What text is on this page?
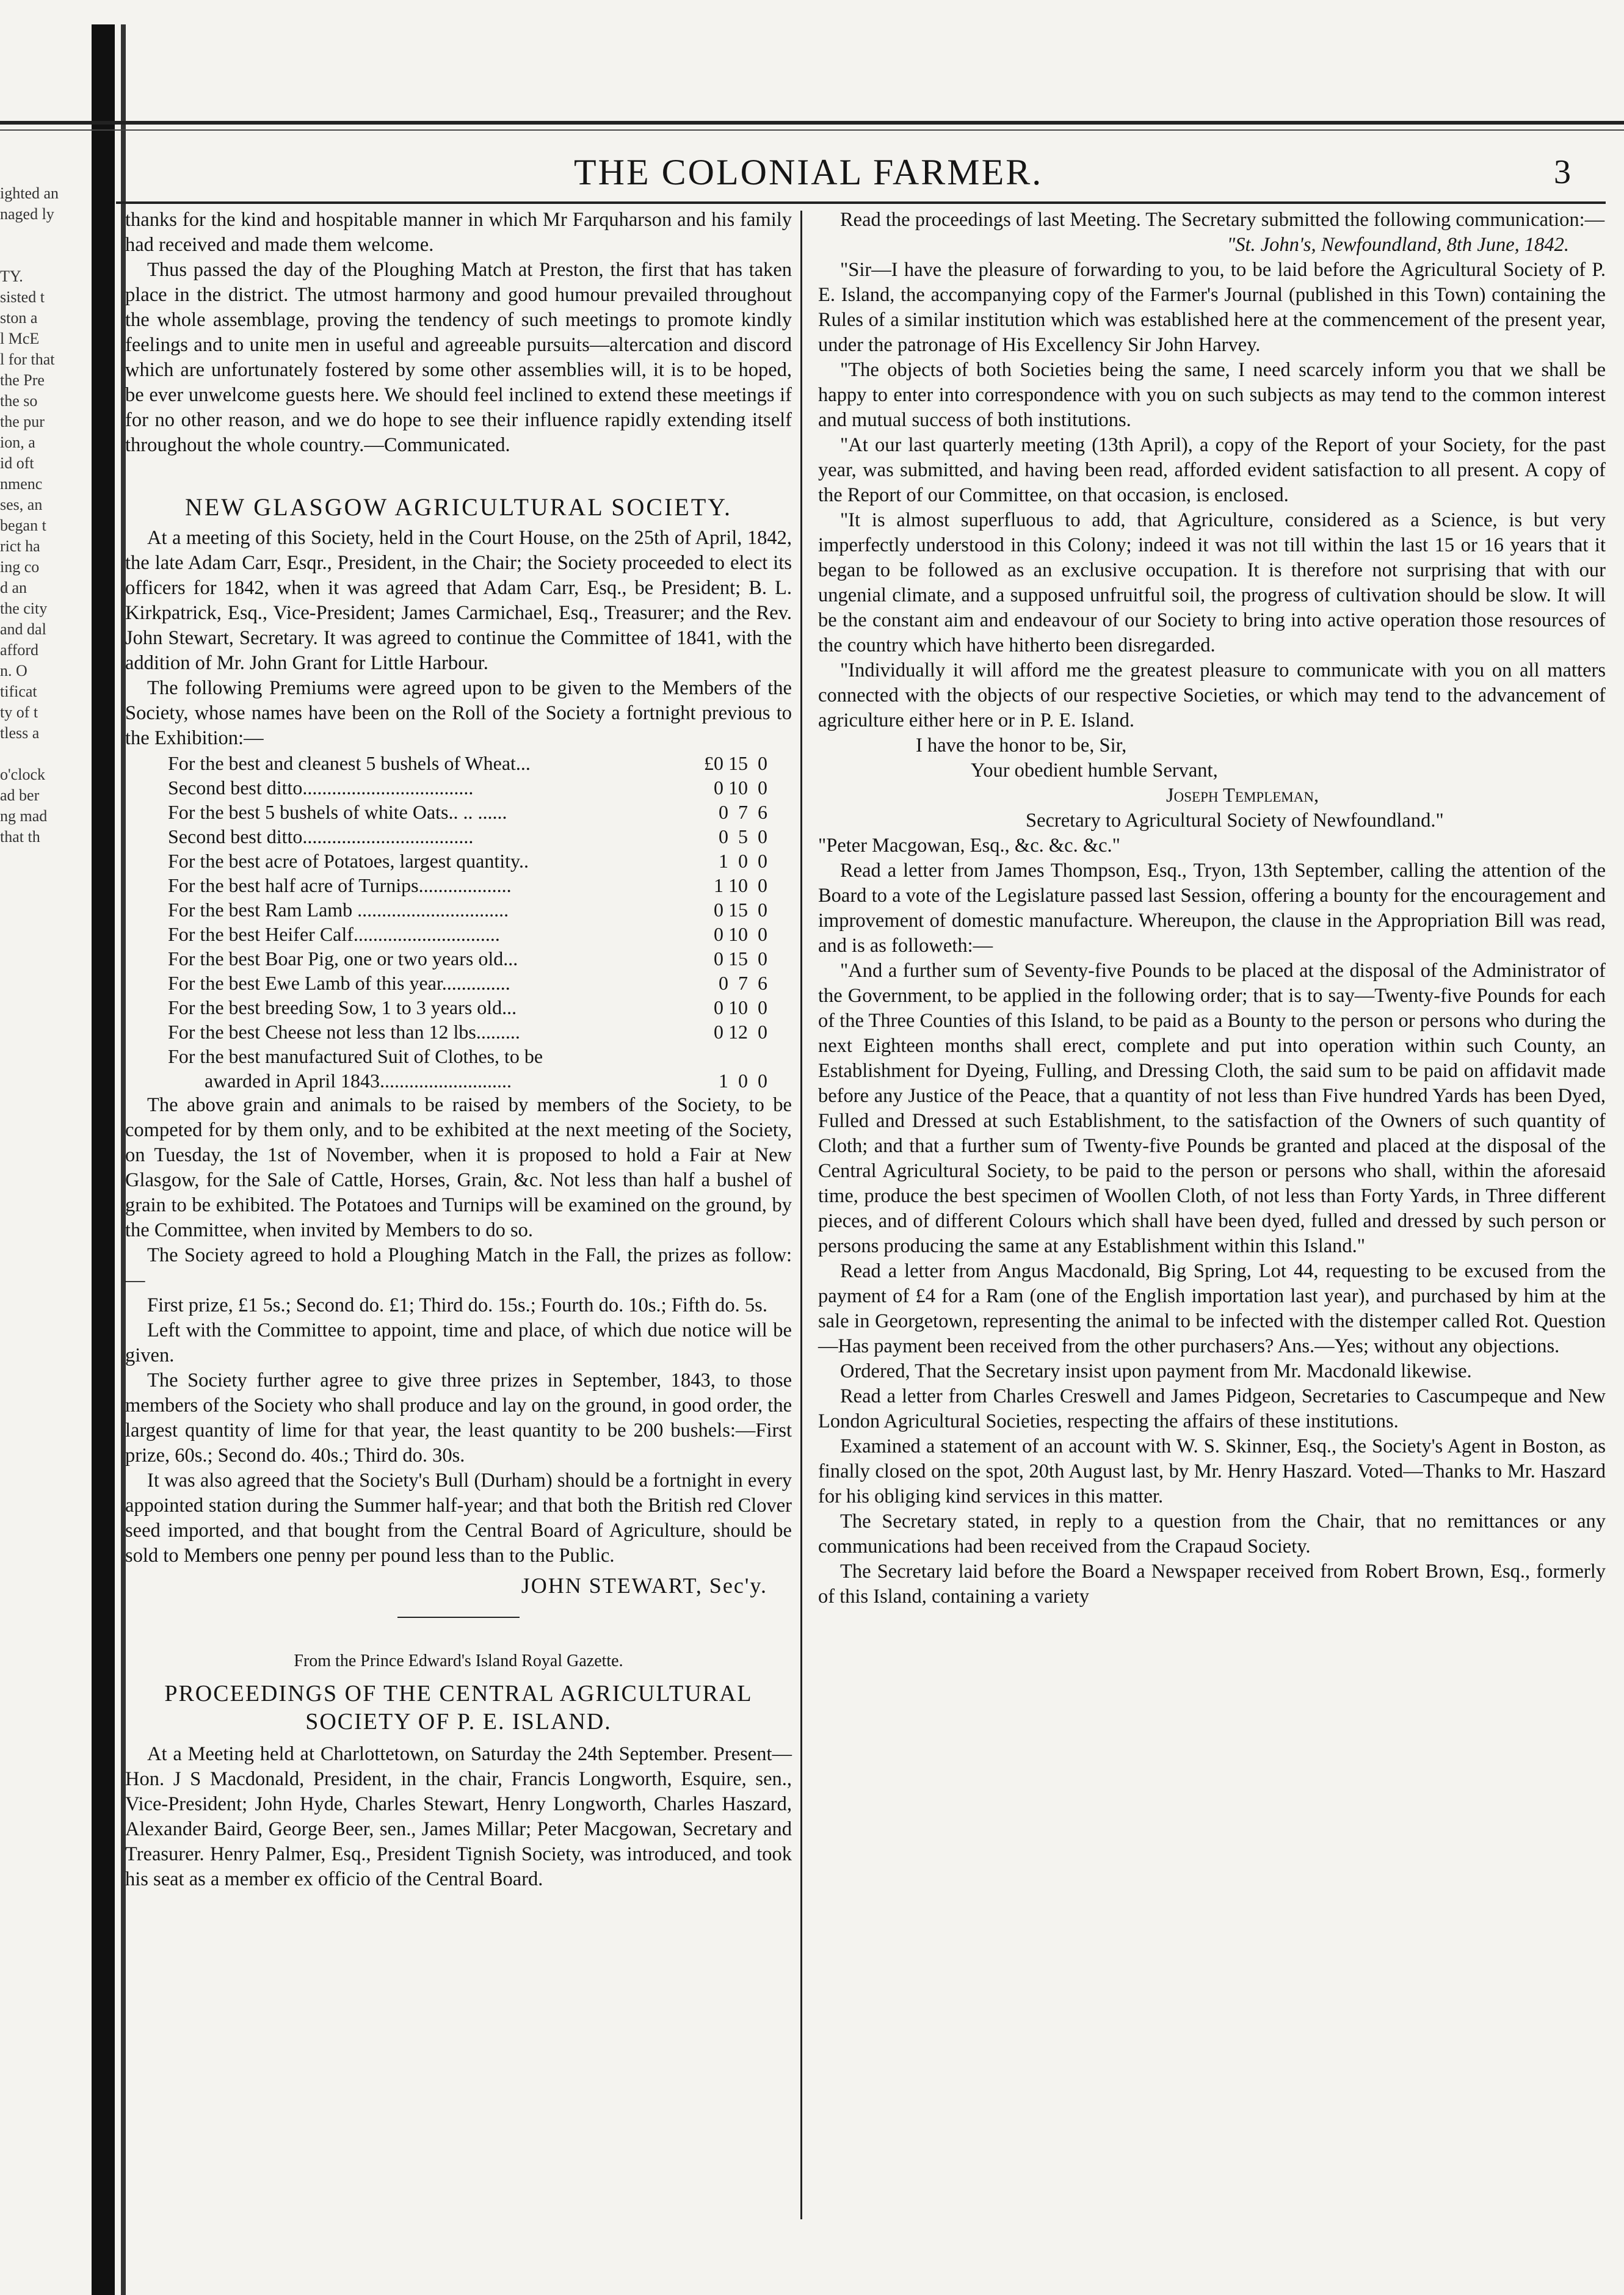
ighted an
naged ly

TY.
sisted t
ston a
l McE
l for that
the Pre
the so
the pur
ion, a
id oft
nmenc
ses, an
began t
rict ha
ing co
d an
the city
and dal
afford
n. O
tificat
ty of t
tless a

o'clock
ad ber
ng mad
that th
THE COLONIAL FARMER.	3

thanks for the kind and hospitable manner in which Mr Farquharson and his family had received and made them welcome.

Thus passed the day of the Ploughing Match at Preston, the first that has taken place in the district. The utmost harmony and good humour prevailed throughout the whole assemblage, proving the tendency of such meetings to promote kindly feelings and to unite men in useful and agreeable pursuits—altercation and discord which are unfortunately fostered by some other assemblies will, it is to be hoped, be ever unwelcome guests here. We should feel inclined to extend these meetings if for no other reason, and we do hope to see their influence rapidly extending itself throughout the whole country.—Communicated.

NEW GLASGOW AGRICULTURAL SOCIETY.

At a meeting of this Society, held in the Court House, on the 25th of April, 1842, the late Adam Carr, Esqr., President, in the Chair; the Society proceeded to elect its officers for 1842, when it was agreed that Adam Carr, Esq., be President; B. L. Kirkpatrick, Esq., Vice-President; James Carmichael, Esq., Treasurer; and the Rev. John Stewart, Secretary. It was agreed to continue the Committee of 1841, with the addition of Mr. John Grant for Little Harbour.

The following Premiums were agreed upon to be given to the Members of the Society, whose names have been on the Roll of the Society a fortnight previous to the Exhibition:—

For the best and cleanest 5 bushels of Wheat...	£0 15  0
Second best ditto...................................	0 10  0
For the best 5 bushels of white Oats.. .. ......	0  7  6
Second best ditto...................................	0  5  0
For the best acre of Potatoes, largest quantity..	1  0  0
For the best half acre of Turnips...................	1 10  0
For the best Ram Lamb ...............................	0 15  0
For the best Heifer Calf..............................	0 10  0
For the best Boar Pig, one or two years old...	0 15  0
For the best Ewe Lamb of this year..............	0  7  6
For the best breeding Sow, 1 to 3 years old...	0 10  0
For the best Cheese not less than 12 lbs.........	0 12  0
For the best manufactured Suit of Clothes, to be
awarded in April 1843...........................	1  0  0

The above grain and animals to be raised by members of the Society, to be competed for by them only, and to be exhibited at the next meeting of the Society, on Tuesday, the 1st of November, when it is proposed to hold a Fair at New Glasgow, for the Sale of Cattle, Horses, Grain, &c. Not less than half a bushel of grain to be exhibited. The Potatoes and Turnips will be examined on the ground, by the Committee, when invited by Members to do so.

The Society agreed to hold a Ploughing Match in the Fall, the prizes as follow:—

First prize, £1 5s.; Second do. £1; Third do. 15s.; Fourth do. 10s.; Fifth do. 5s.

Left with the Committee to appoint, time and place, of which due notice will be given.

The Society further agree to give three prizes in September, 1843, to those members of the Society who shall produce and lay on the ground, in good order, the largest quantity of lime for that year, the least quantity to be 200 bushels:—First prize, 60s.; Second do. 40s.; Third do. 30s.

It was also agreed that the Society's Bull (Durham) should be a fortnight in every appointed station during the Summer half-year; and that both the British red Clover seed imported, and that bought from the Central Board of Agriculture, should be sold to Members one penny per pound less than to the Public.

JOHN STEWART, Sec'y.

From the Prince Edward's Island Royal Gazette.

PROCEEDINGS OF THE CENTRAL AGRICULTURAL SOCIETY OF P. E. ISLAND.

At a Meeting held at Charlottetown, on Saturday the 24th September. Present—Hon. J S Macdonald, President, in the chair, Francis Longworth, Esquire, sen., Vice-President; John Hyde, Charles Stewart, Henry Longworth, Charles Haszard, Alexander Baird, George Beer, sen., James Millar; Peter Macgowan, Secretary and Treasurer. Henry Palmer, Esq., President Tignish Society, was introduced, and took his seat as a member ex officio of the Central Board.

Read the proceedings of last Meeting. The Secretary submitted the following communication:—

"St. John's, Newfoundland, 8th June, 1842.

"Sir—I have the pleasure of forwarding to you, to be laid before the Agricultural Society of P. E. Island, the accompanying copy of the Farmer's Journal (published in this Town) containing the Rules of a similar institution which was established here at the commencement of the present year, under the patronage of His Excellency Sir John Harvey.

"The objects of both Societies being the same, I need scarcely inform you that we shall be happy to enter into correspondence with you on such subjects as may tend to the common interest and mutual success of both institutions.

"At our last quarterly meeting (13th April), a copy of the Report of your Society, for the past year, was submitted, and having been read, afforded evident satisfaction to all present. A copy of the Report of our Committee, on that occasion, is enclosed.

"It is almost superfluous to add, that Agriculture, considered as a Science, is but very imperfectly understood in this Colony; indeed it was not till within the last 15 or 16 years that it began to be followed as an exclusive occupation. It is therefore not surprising that with our ungenial climate, and a supposed unfruitful soil, the progress of cultivation should be slow. It will be the constant aim and endeavour of our Society to bring into active operation those resources of the country which have hitherto been disregarded.

"Individually it will afford me the greatest pleasure to communicate with you on all matters connected with the objects of our respective Societies, or which may tend to the advancement of agriculture either here or in P. E. Island.

I have the honor to be, Sir,

Your obedient humble Servant,

Joseph Templeman,

Secretary to Agricultural Society of Newfoundland."

"Peter Macgowan, Esq., &c. &c. &c."

Read a letter from James Thompson, Esq., Tryon, 13th September, calling the attention of the Board to a vote of the Legislature passed last Session, offering a bounty for the encouragement and improvement of domestic manufacture. Whereupon, the clause in the Appropriation Bill was read, and is as followeth:—

"And a further sum of Seventy-five Pounds to be placed at the disposal of the Administrator of the Government, to be applied in the following order; that is to say—Twenty-five Pounds for each of the Three Counties of this Island, to be paid as a Bounty to the person or persons who during the next Eighteen months shall erect, complete and put into operation within such County, an Establishment for Dyeing, Fulling, and Dressing Cloth, the said sum to be paid on affidavit made before any Justice of the Peace, that a quantity of not less than Five hundred Yards has been Dyed, Fulled and Dressed at such Establishment, to the satisfaction of the Owners of such quantity of Cloth; and that a further sum of Twenty-five Pounds be granted and placed at the disposal of the Central Agricultural Society, to be paid to the person or persons who shall, within the aforesaid time, produce the best specimen of Woollen Cloth, of not less than Forty Yards, in Three different pieces, and of different Colours which shall have been dyed, fulled and dressed by such person or persons producing the same at any Establishment within this Island."

Read a letter from Angus Macdonald, Big Spring, Lot 44, requesting to be excused from the payment of £4 for a Ram (one of the English importation last year), and purchased by him at the sale in Georgetown, representing the animal to be infected with the distemper called Rot. Question—Has payment been received from the other purchasers? Ans.—Yes; without any objections.

Ordered, That the Secretary insist upon payment from Mr. Macdonald likewise.

Read a letter from Charles Creswell and James Pidgeon, Secretaries to Cascumpeque and New London Agricultural Societies, respecting the affairs of these institutions.

Examined a statement of an account with W. S. Skinner, Esq., the Society's Agent in Boston, as finally closed on the spot, 20th August last, by Mr. Henry Haszard. Voted—Thanks to Mr. Haszard for his obliging kind services in this matter.

The Secretary stated, in reply to a question from the Chair, that no remittances or any communications had been received from the Crapaud Society.

The Secretary laid before the Board a Newspaper received from Robert Brown, Esq., formerly of this Island, containing a variety
